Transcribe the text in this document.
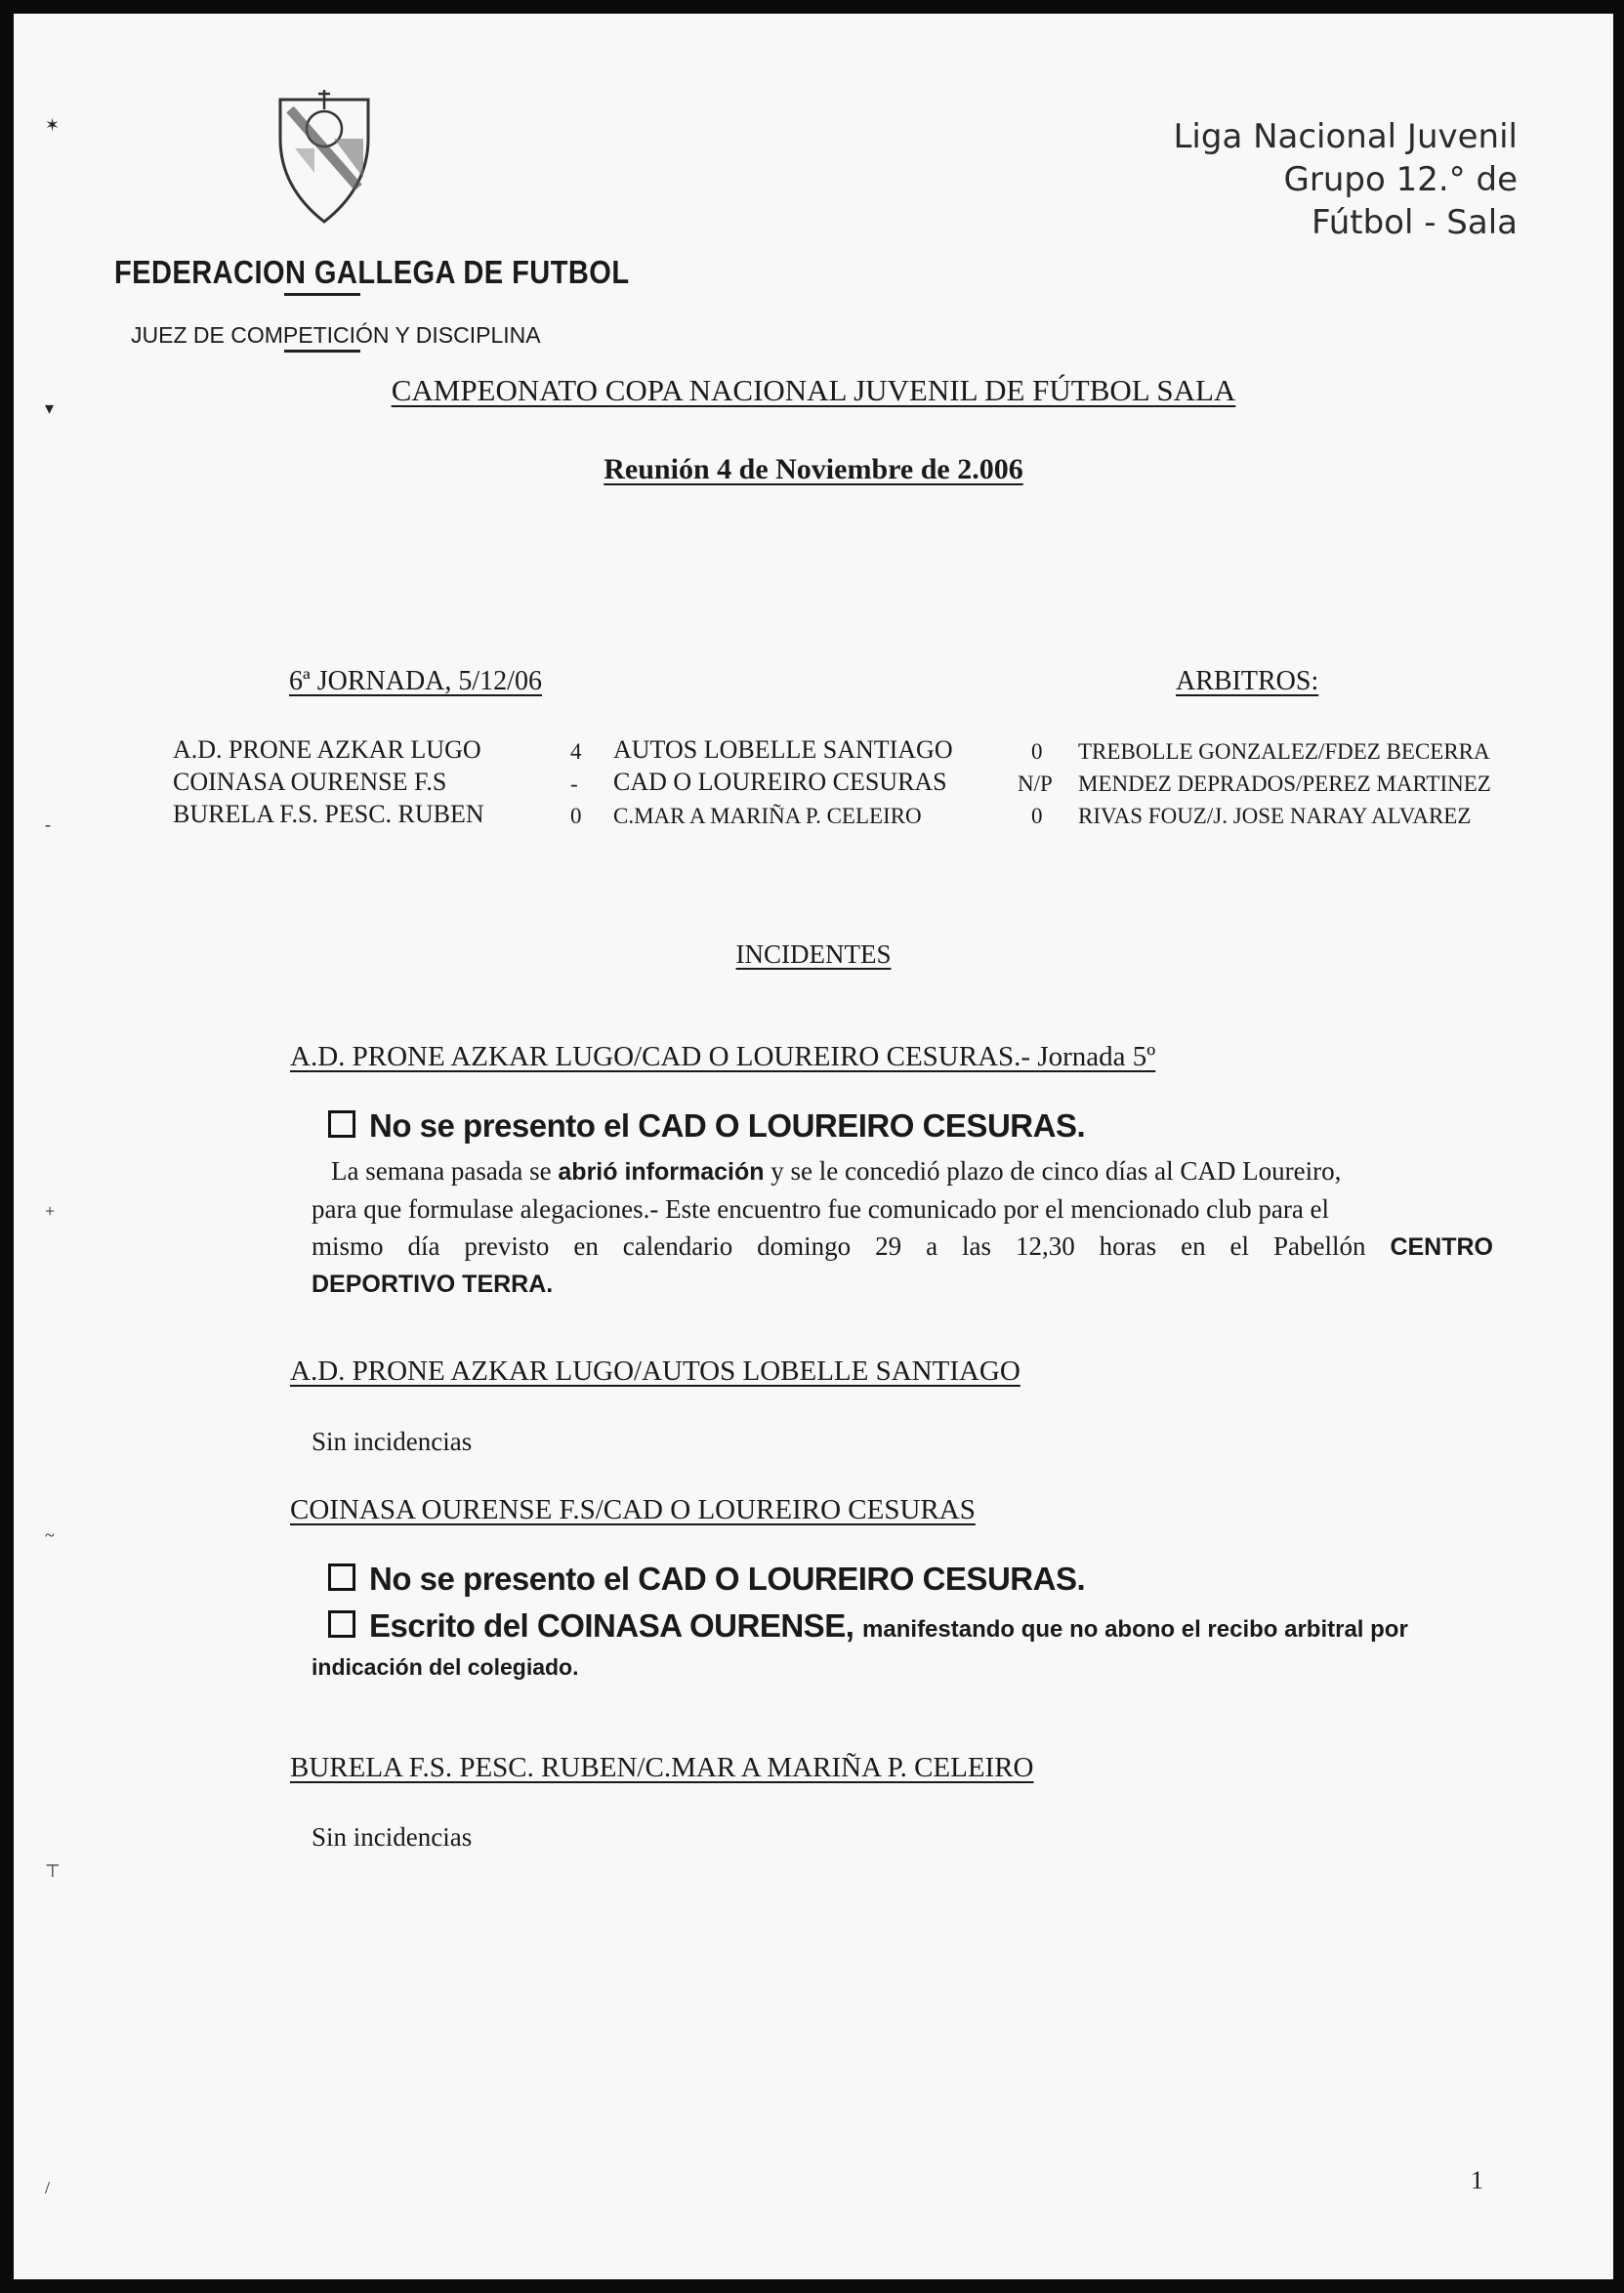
✶
▾
-
+
~
⊤
/
FEDERACION GALLEGA DE FUTBOL
JUEZ DE COMPETICIÓN Y DISCIPLINA
Liga Nacional Juvenil
Grupo 12.° de
Fútbol - Sala
CAMPEONATO COPA NACIONAL JUVENIL DE FÚTBOL SALA
Reunión 4 de Noviembre de 2.006
6ª JORNADA, 5/12/06	ARBITROS:
A.D. PRONE AZKAR LUGO	4 AUTOS LOBELLE SANTIAGO	0 TREBOLLE GONZALEZ/FDEZ BECERRA
COINASA OURENSE F.S	- CAD O LOUREIRO CESURAS	N/P MENDEZ DEPRADOS/PEREZ MARTINEZ
BURELA F.S. PESC. RUBEN	0 C.MAR A MARIÑA P. CELEIRO	0 RIVAS FOUZ/J. JOSE NARAY ALVAREZ
INCIDENTES
A.D. PRONE AZKAR LUGO/CAD O LOUREIRO CESURAS.- Jornada 5º
No se presento el CAD O LOUREIRO CESURAS.
La semana pasada se abrió información y se le concedió plazo de cinco días al CAD Loureiro,
para que formulase alegaciones.- Este encuentro fue comunicado por el mencionado club para el
mismo día previsto en calendario domingo 29 a las 12,30 horas en el Pabellón CENTRO
DEPORTIVO TERRA.
A.D. PRONE AZKAR LUGO/AUTOS LOBELLE SANTIAGO
Sin incidencias
COINASA OURENSE F.S/CAD O LOUREIRO CESURAS
No se presento el CAD O LOUREIRO CESURAS.
Escrito del COINASA OURENSE, manifestando que no abono el recibo arbitral por
indicación del colegiado.
BURELA F.S. PESC. RUBEN/C.MAR A MARIÑA P. CELEIRO
Sin incidencias
1
